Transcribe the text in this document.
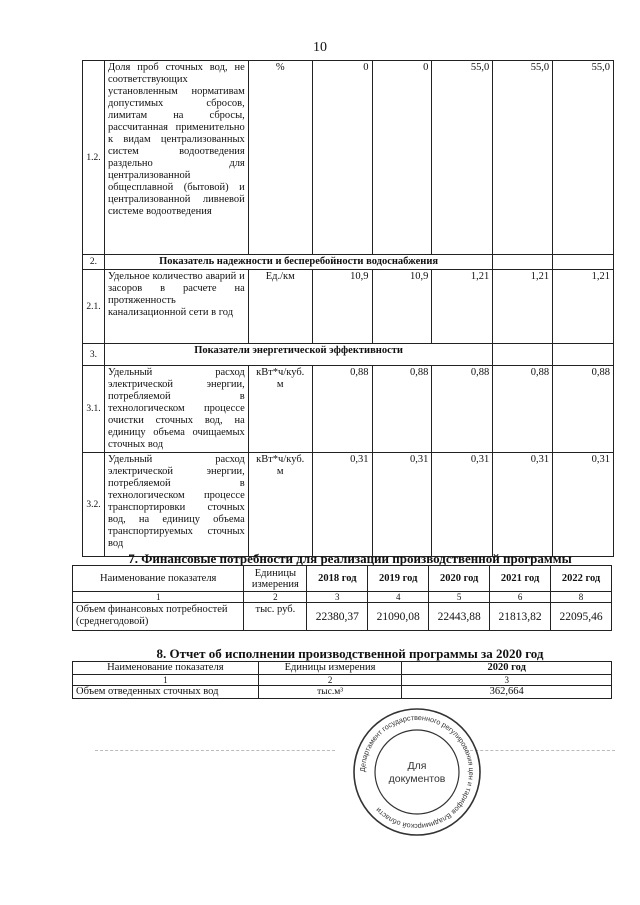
10
1.2.	Доля проб сточных вод, не соответствующих установленным нормативам допустимых сбросов, лимитам на сбросы, рассчитанная применительно к видам централизованных систем водоотведения раздельно для централизованной общесплавной (бытовой) и централизованной ливневой системе водоотведения	%	0	0	55,0	55,0	55,0
2.	Показатель надежности и бесперебойности водоснабжения						
2.1.	Удельное количество аварий и засоров в расчете на протяженность канализационной сети в год	Ед./км	10,9	10,9	1,21	1,21	1,21
3.	Показатели энергетической эффективности						
3.1.	Удельный расход электрической энергии, потребляемой в технологическом процессе очистки сточных вод, на единицу объема очищаемых сточных вод	кВт*ч/куб. м	0,88	0,88	0,88	0,88	0,88
3.2.	Удельный расход электрической энергии, потребляемой в технологическом процессе транспортировки сточных вод, на единицу объема транспортируемых сточных вод	кВт*ч/куб. м	0,31	0,31	0,31	0,31	0,31
7. Финансовые потребности для реализации производственной программы
Наименование показателя	Единицы измерения	2018 год	2019 год	2020 год	2021 год	2022 год
1	2	3	4	5	6	8
Объем финансовых потребностей (среднегодовой)	тыс. руб.	22380,37	21090,08	22443,88	21813,82	22095,46
8. Отчет об исполнении производственной программы за 2020 год
Наименование показателя	Единицы измерения	2020 год
1	2	3
Объем отведенных сточных вод	тыс.м³	362,664
Департамент государственного регулирования цен и тарифов Владимирской области
Для
документов
